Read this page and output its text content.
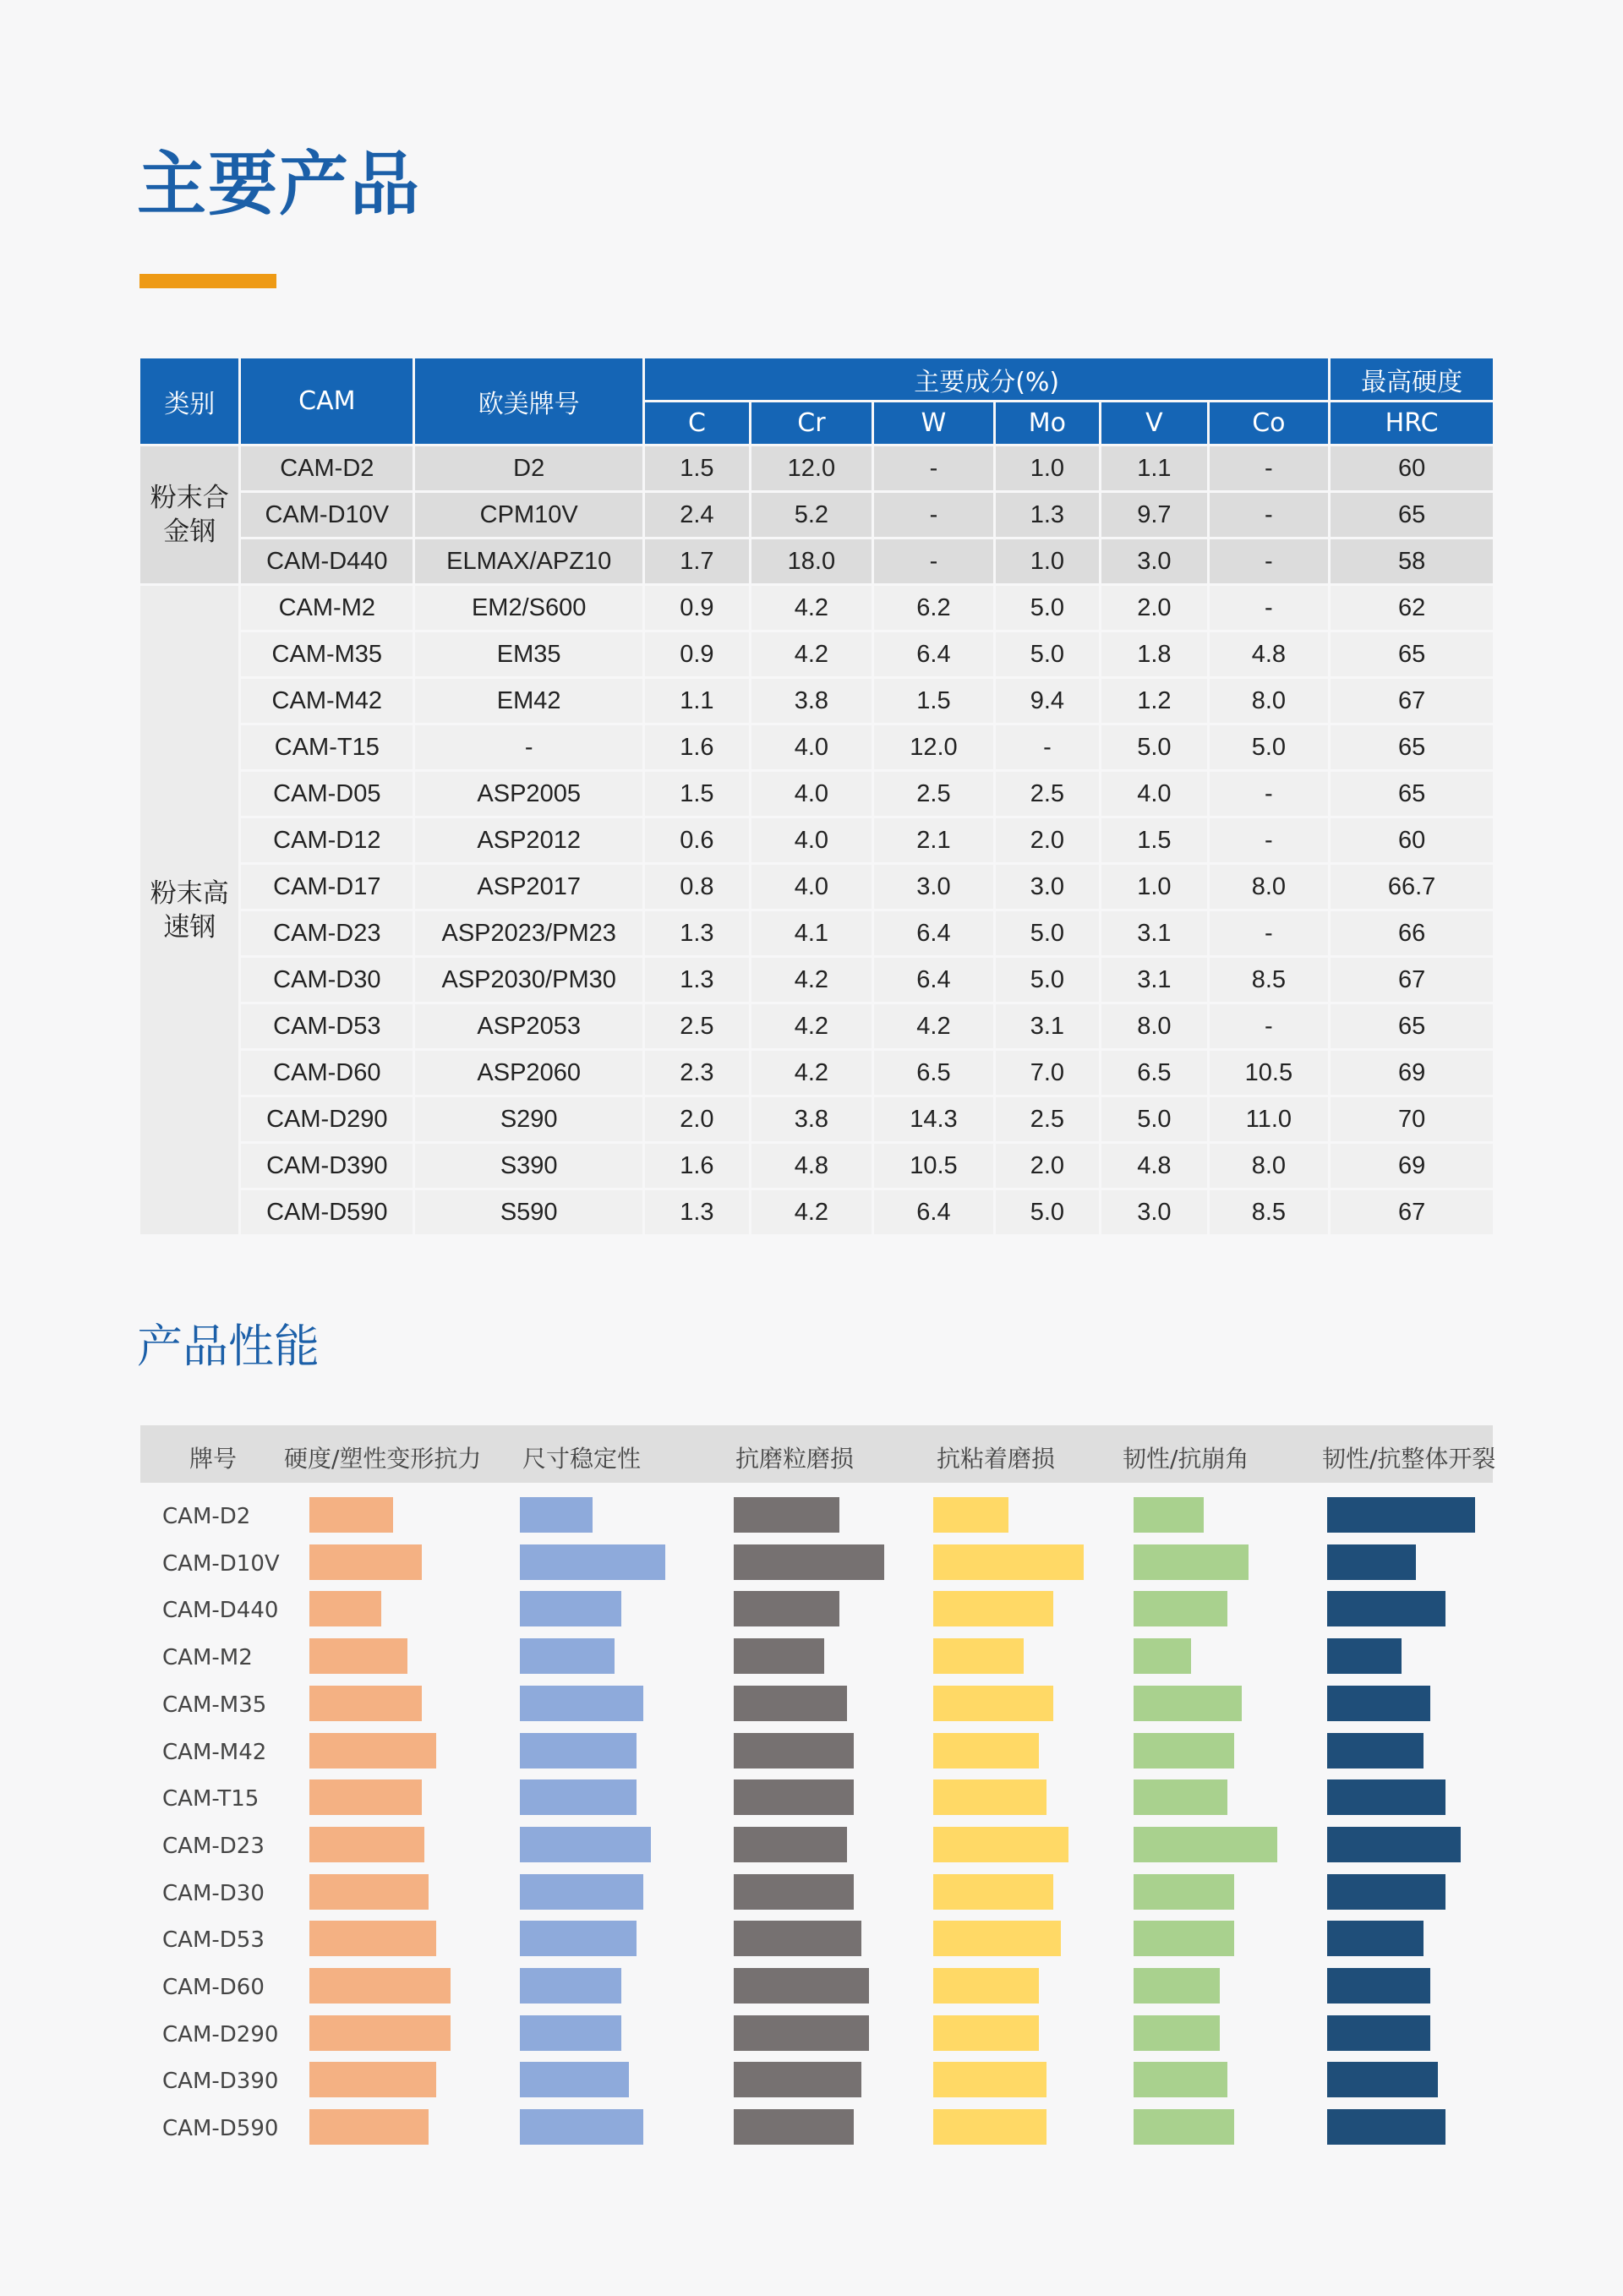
主要产品
类别	CAM	欧美牌号	主要成分(%)						最高硬度
			C	Cr	W	Mo	V	Co	HRC

粉末合
金钢	CAM-D2	D2	1.5	12.0	-	1.0	1.1	-	60
	CAM-D10V	CPM10V	2.4	5.2	-	1.3	9.7	-	65
	CAM-D440	ELMAX/APZ10	1.7	18.0	-	1.0	3.0	-	58

粉末高
速钢	CAM-M2	EM2/S600	0.9	4.2	6.2	5.0	2.0	-	62
	CAM-M35	EM35	0.9	4.2	6.4	5.0	1.8	4.8	65
	CAM-M42	EM42	1.1	3.8	1.5	9.4	1.2	8.0	67
	CAM-T15	-	1.6	4.0	12.0	-	5.0	5.0	65
	CAM-D05	ASP2005	1.5	4.0	2.5	2.5	4.0	-	65
	CAM-D12	ASP2012	0.6	4.0	2.1	2.0	1.5	-	60
	CAM-D17	ASP2017	0.8	4.0	3.0	3.0	1.0	8.0	66.7
	CAM-D23	ASP2023/PM23	1.3	4.1	6.4	5.0	3.1	-	66
	CAM-D30	ASP2030/PM30	1.3	4.2	6.4	5.0	3.1	8.5	67
	CAM-D53	ASP2053	2.5	4.2	4.2	3.1	8.0	-	65
	CAM-D60	ASP2060	2.3	4.2	6.5	7.0	6.5	10.5	69
	CAM-D290	S290	2.0	3.8	14.3	2.5	5.0	11.0	70
	CAM-D390	S390	1.6	4.8	10.5	2.0	4.8	8.0	69
	CAM-D590	S590	1.3	4.2	6.4	5.0	3.0	8.5	67
产品性能
牌号 硬度/塑性变形抗力 尺寸稳定性	抗磨粒磨损	抗粘着磨损	韧性/抗崩角	韧性/抗整体开裂
CAM-D2
CAM-D10V
CAM-D440
CAM-M2
CAM-M35
CAM-M42
CAM-T15
CAM-D23
CAM-D30
CAM-D53
CAM-D60
CAM-D290
CAM-D390
CAM-D590
